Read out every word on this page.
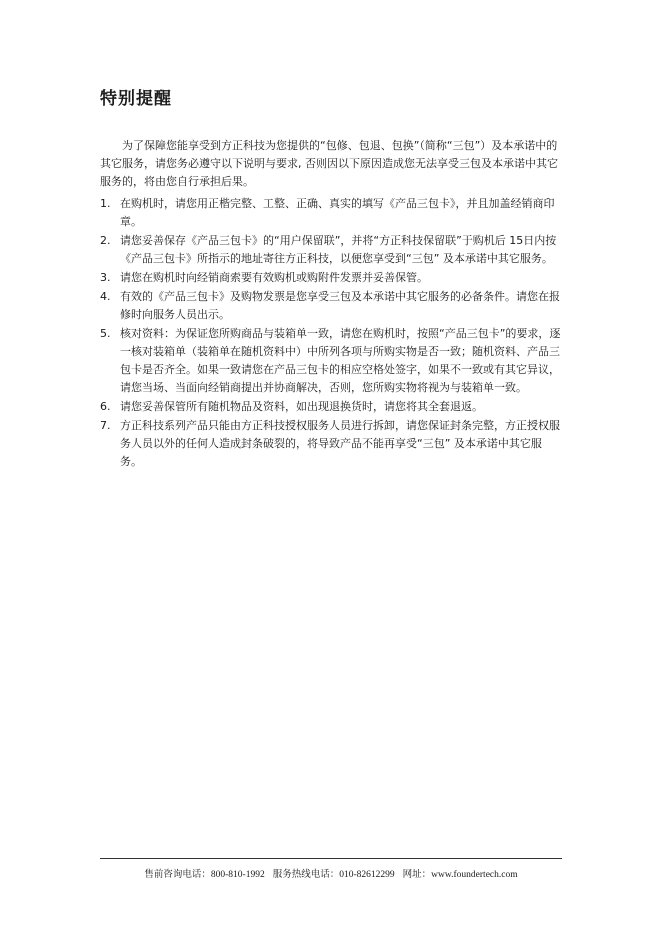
特别提醒

为了保障您能享受到方正科技为您提供的“包修、包退、包换”（简称“三包”）及本承诺中的其它服务，请您务必遵守以下说明与要求, 否则因以下原因造成您无法享受三包及本承诺中其它服务的，将由您自行承担后果。

1. 在购机时，请您用正楷完整、工整、正确、真实的填写《产品三包卡》，并且加盖经销商印章。
2. 请您妥善保存《产品三包卡》的“用户保留联”，并将“方正科技保留联”于购机后 15日内按《产品三包卡》所指示的地址寄往方正科技，以便您享受到“三包” 及本承诺中其它服务。
3. 请您在购机时向经销商索要有效购机或购附件发票并妥善保管。
4. 有效的《产品三包卡》及购物发票是您享受三包及本承诺中其它服务的必备条件。请您在报修时向服务人员出示。
5. 核对资料：为保证您所购商品与装箱单一致，请您在购机时，按照“产品三包卡”的要求，逐一核对装箱单（装箱单在随机资料中）中所列各项与所购实物是否一致；随机资料、产品三包卡是否齐全。如果一致请您在产品三包卡的相应空格处签字，如果不一致或有其它异议，请您当场、当面向经销商提出并协商解决，否则，您所购实物将视为与装箱单一致。
6. 请您妥善保管所有随机物品及资料，如出现退换货时，请您将其全套退返。
7. 方正科技系列产品只能由方正科技授权服务人员进行拆卸，请您保证封条完整，方正授权服务人员以外的任何人造成封条破裂的，将导致产品不能再享受“三包” 及本承诺中其它服务。
售前咨询电话：800-810-1992 服务热线电话：010-82612299 网址：www.foundertech.com
